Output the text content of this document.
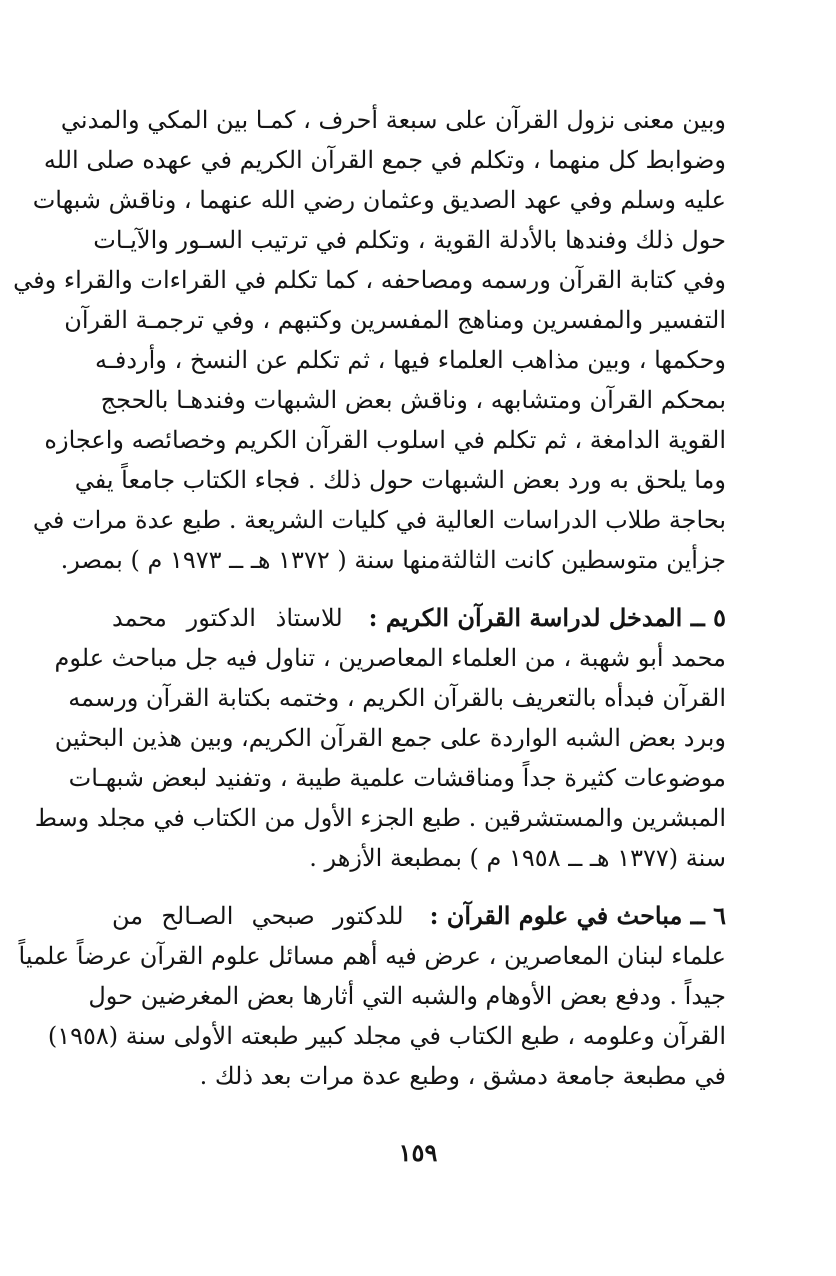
وبين معنى نزول القرآن على سبعة أحرف ، كمـا بين المكي والمدني
وضوابط كل منهما ، وتكلم في جمع القرآن الكريم في عهده صلى الله
عليه وسلم وفي عهد الصديق وعثمان رضي الله عنهما ، وناقش شبهات
حول ذلك وفندها بالأدلة القوية ، وتكلم في ترتيب السـور والآيـات
وفي كتابة القرآن ورسمه ومصاحفه ، كما تكلم في القراءات والقراء وفي
التفسير والمفسرين ومناهج المفسرين وكتبهم ، وفي ترجمـة القرآن
وحكمها ، وبين مذاهب العلماء فيها ، ثم تكلم عن النسخ ، وأردفـه
بمحكم القرآن ومتشابهه ، وناقش بعض الشبهات وفندهـا بالحجج
القوية الدامغة ، ثم تكلم في اسلوب القرآن الكريم وخصائصه واعجازه
وما يلحق به ورد بعض الشبهات حول ذلك . فجاء الكتاب جامعاً يفي
بحاجة طلاب الدراسات العالية في كليات الشريعة . طبع عدة مرات في
جزأين متوسطين كانت الثالثةمنها سنة ( ١٣٧٢ هـ ــ ١٩٧٣ م ) بمصر.
٥ ــ المدخل لدراسة القرآن الكريم :
للاستاذ الدكتور محمد
محمد أبو شهبة ، من العلماء المعاصرين ، تناول فيه جل مباحث علوم
القرآن فبدأه بالتعريف بالقرآن الكريم ، وختمه بكتابة القرآن ورسمه
وبرد بعض الشبه الواردة على جمع القرآن الكريم، وبين هذين البحثين
موضوعات كثيرة جداً ومناقشات علمية طيبة ، وتفنيد لبعض شبهـات
المبشرين والمستشرقين . طبع الجزء الأول من الكتاب في مجلد وسط
سنة (١٣٧٧ هـ ــ ١٩٥٨ م ) بمطبعة الأزهر .
٦ ــ مباحث في علوم القرآن :
للدكتور صبحي الصـالح من
علماء لبنان المعاصرين ، عرض فيه أهم مسائل علوم القرآن عرضاً علمياً
جيداً . ودفع بعض الأوهام والشبه التي أثارها بعض المغرضين حول
القرآن وعلومه ، طبع الكتاب في مجلد كبير طبعته الأولى سنة (١٩٥٨)
في مطبعة جامعة دمشق ، وطبع عدة مرات بعد ذلك .
١٥٩
